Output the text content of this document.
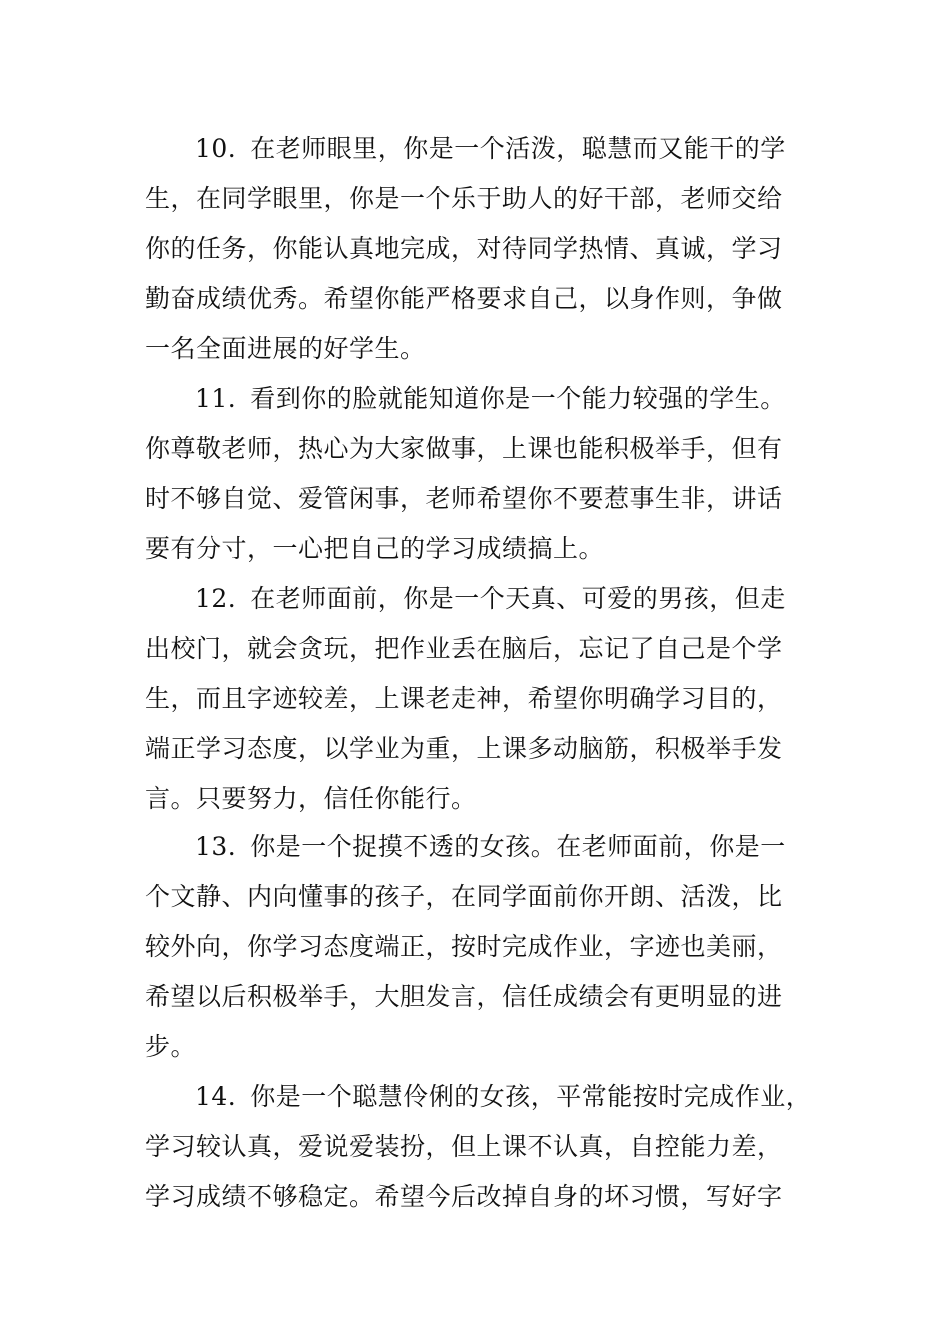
10. 在老师眼里，你是一个活泼，聪慧而又能干的学

生，在同学眼里，你是一个乐于助人的好干部，老师交给

你的任务，你能认真地完成，对待同学热情、真诚，学习

勤奋成绩优秀。希望你能严格要求自己，以身作则，争做

一名全面进展的好学生。

11. 看到你的脸就能知道你是一个能力较强的学生。

你尊敬老师，热心为大家做事，上课也能积极举手，但有

时不够自觉、爱管闲事，老师希望你不要惹事生非，讲话

要有分寸，一心把自己的学习成绩搞上。

12. 在老师面前，你是一个天真、可爱的男孩，但走

出校门，就会贪玩，把作业丢在脑后，忘记了自己是个学

生，而且字迹较差，上课老走神，希望你明确学习目的，

端正学习态度，以学业为重，上课多动脑筋，积极举手发

言。只要努力，信任你能行。

13. 你是一个捉摸不透的女孩。在老师面前，你是一

个文静、内向懂事的孩子，在同学面前你开朗、活泼，比

较外向，你学习态度端正，按时完成作业，字迹也美丽，

希望以后积极举手，大胆发言，信任成绩会有更明显的进

步。

14. 你是一个聪慧伶俐的女孩，平常能按时完成作业，

学习较认真，爱说爱装扮，但上课不认真，自控能力差，

学习成绩不够稳定。希望今后改掉自身的坏习惯，写好字
